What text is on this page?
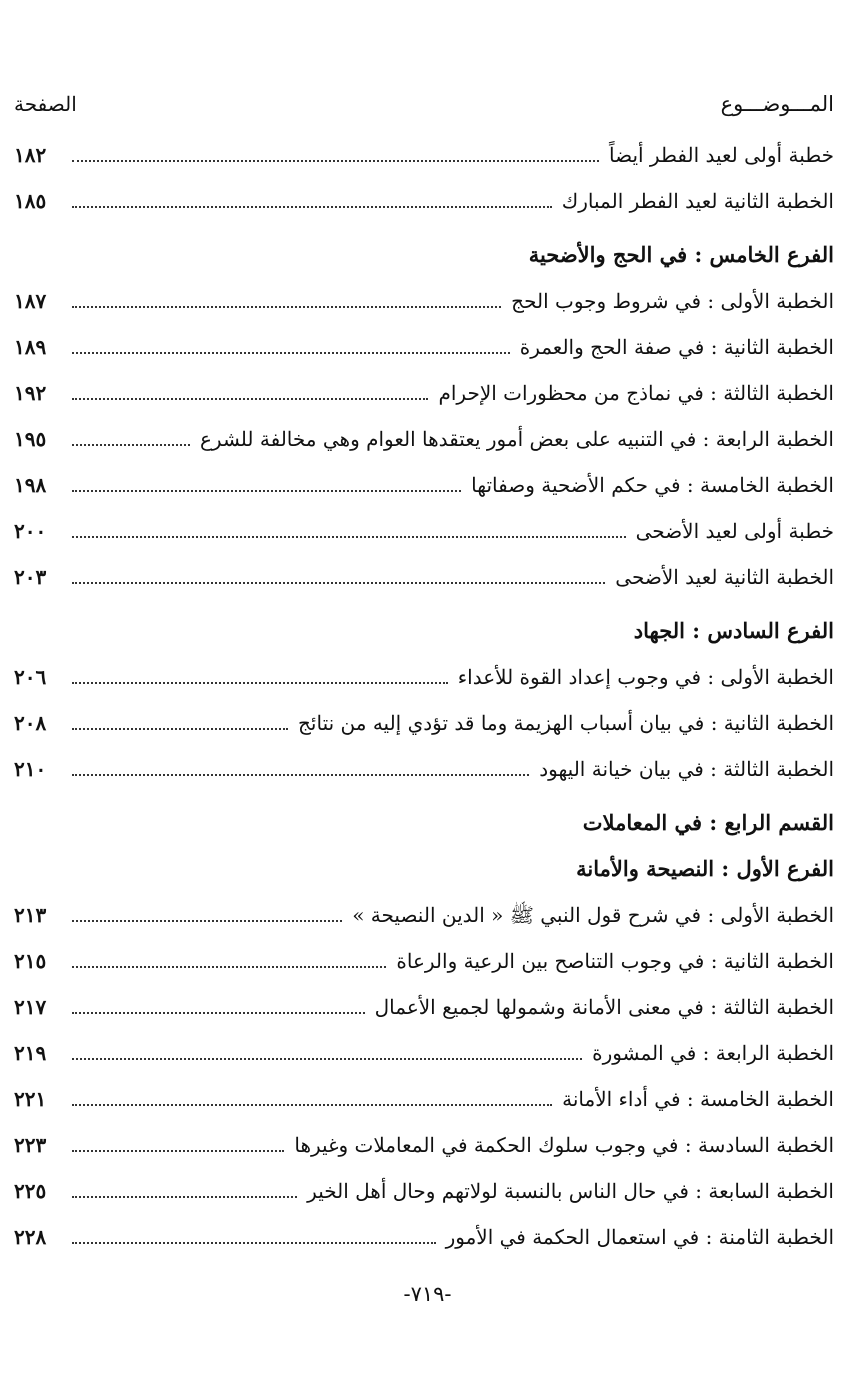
المـــوضـــوع
الصفحة
خطبة أولى لعيد الفطر أيضاً
١٨٢
الخطبة الثانية لعيد الفطر المبارك
١٨٥
الفرع الخامس : في الحج والأضحية
الخطبة الأولى : في شروط وجوب الحج
١٨٧
الخطبة الثانية : في صفة الحج والعمرة
١٨٩
الخطبة الثالثة : في نماذج من محظورات الإحرام
١٩٢
الخطبة الرابعة : في التنبيه على بعض أمور يعتقدها العوام وهي مخالفة للشرع
١٩٥
الخطبة الخامسة : في حكم الأضحية وصفاتها
١٩٨
خطبة أولى لعيد الأضحى
٢٠٠
الخطبة الثانية لعيد الأضحى
٢٠٣
الفرع السادس : الجهاد
الخطبة الأولى : في وجوب إعداد القوة للأعداء
٢٠٦
الخطبة الثانية : في بيان أسباب الهزيمة وما قد تؤدي إليه من نتائج
٢٠٨
الخطبة الثالثة : في بيان خيانة اليهود
٢١٠
القسم الرابع : في المعاملات
الفرع الأول : النصيحة والأمانة
الخطبة الأولى : في شرح قول النبي ﷺ « الدين النصيحة »
٢١٣
الخطبة الثانية : في وجوب التناصح بين الرعية والرعاة
٢١٥
الخطبة الثالثة : في معنى الأمانة وشمولها لجميع الأعمال
٢١٧
الخطبة الرابعة : في المشورة
٢١٩
الخطبة الخامسة : في أداء الأمانة
٢٢١
الخطبة السادسة : في وجوب سلوك الحكمة في المعاملات وغيرها
٢٢٣
الخطبة السابعة : في حال الناس بالنسبة لولاتهم وحال أهل الخير
٢٢٥
الخطبة الثامنة : في استعمال الحكمة في الأمور
٢٢٨
-٧١٩-
